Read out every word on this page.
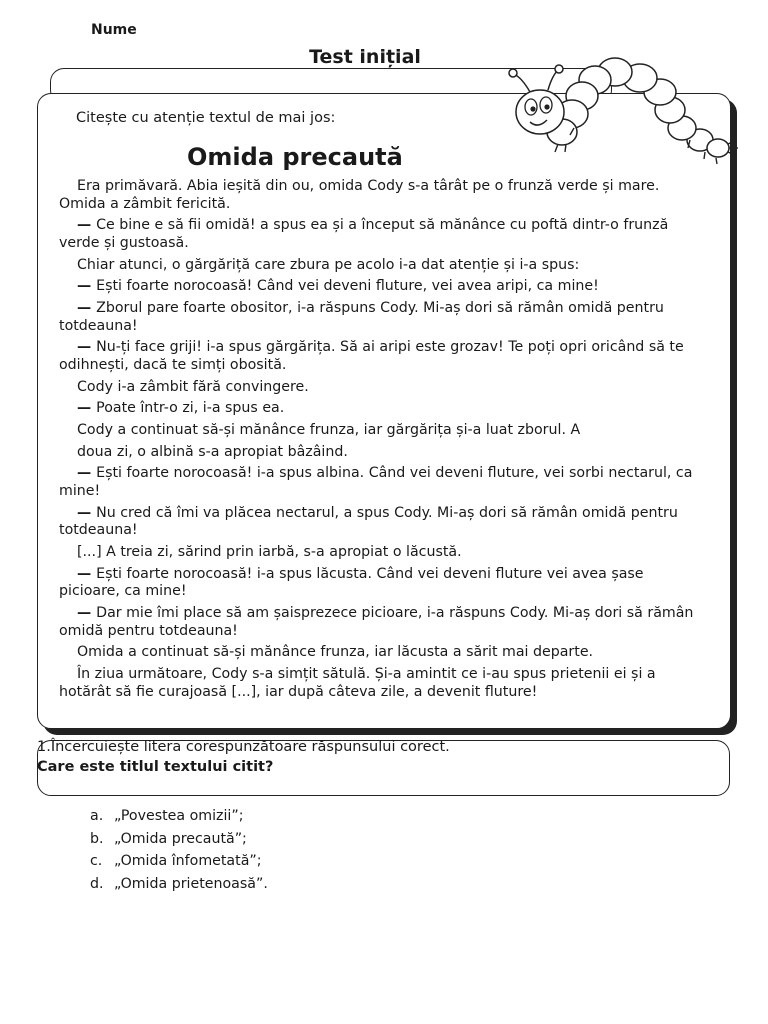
Nume
Test inițial
Citește cu atenție textul de mai jos:
Omida precaută

Era primăvară. Abia ieșită din ou, omida Cody s-a târât pe o frunză verde și mare. Omida a zâmbit fericită.

— Ce bine e să fii omidă! a spus ea și a început să mănânce cu poftă dintr-o frunză verde și gustoasă.

Chiar atunci, o gărgăriță care zbura pe acolo i-a dat atenție și i-a spus:

— Ești foarte norocoasă! Când vei deveni fluture, vei avea aripi, ca mine!

— Zborul pare foarte obositor, i-a răspuns Cody. Mi-aș dori să rămân omidă pentru totdeauna!

— Nu-ți face griji! i-a spus gărgărița. Să ai aripi este grozav! Te poți opri oricând să te odihnești, dacă te simți obosită.

Cody i-a zâmbit fără convingere.

— Poate într-o zi, i-a spus ea.

Cody a continuat să-și mănânce frunza, iar gărgărița și-a luat zborul. A

doua zi, o albină s-a apropiat bâzâind.

— Ești foarte norocoasă! i-a spus albina. Când vei deveni fluture, vei sorbi nectarul, ca mine!

— Nu cred că îmi va plăcea nectarul, a spus Cody. Mi-aș dori să rămân omidă pentru totdeauna!

[...] A treia zi, sărind prin iarbă, s-a apropiat o lăcustă.

— Ești foarte norocoasă! i-a spus lăcusta. Când vei deveni fluture vei avea șase picioare, ca mine!

— Dar mie îmi place să am șaisprezece picioare, i-a răspuns Cody. Mi-aș dori să rămân omidă pentru totdeauna!

Omida a continuat să-și mănânce frunza, iar lăcusta a sărit mai departe.

În ziua următoare, Cody s-a simțit sătulă. Și-a amintit ce i-au spus prietenii ei și a hotărât să fie curajoasă [...], iar după câteva zile, a devenit fluture!

1.Încercuiește litera corespunzătoare răspunsului corect.
Care este titlul textului citit?
a. „Povestea omizii”;
b. „Omida precaută”;
c. „Omida înfometată”;
d. „Omida prietenoasă”.
